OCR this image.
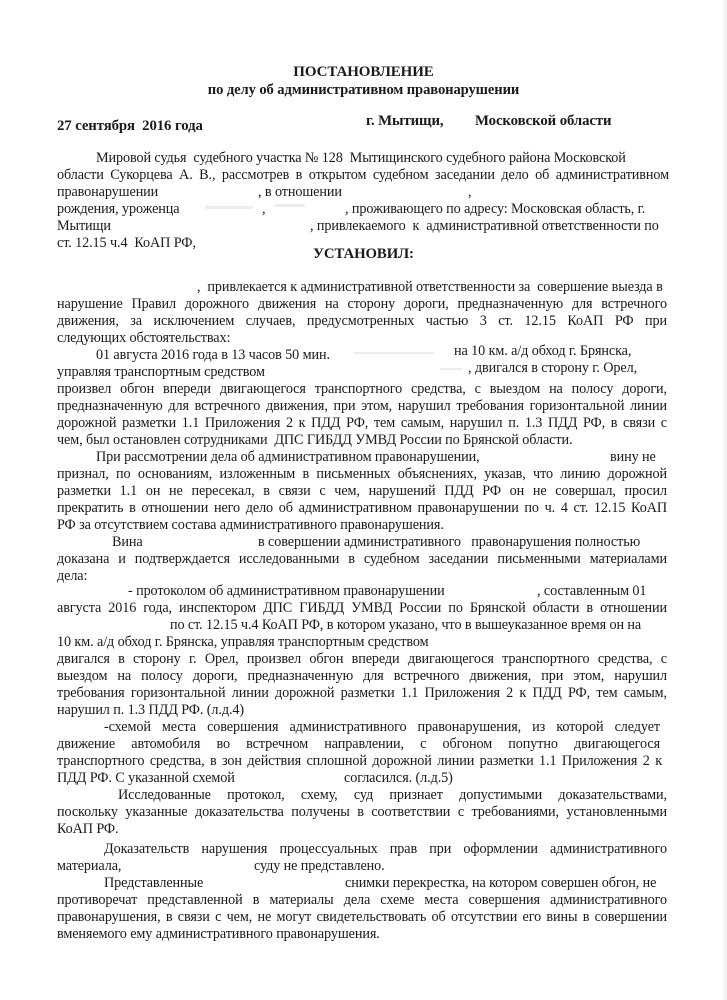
ПОСТАНОВЛЕНИЕ
по делу об административном правонарушении
27 сентября  2016 года	г. Мытищи, Московской области
Мировой судья  судебного участка № 128  Мытищинского судебного района Московской
области Сукорцева А. В., рассмотрев в открытом судебном заседании дело об административном
правонарушении	, в отношении	,
рождения, уроженца	,	, проживающего по адресу: Московская область, г.
Мытищи	, привлекаемого  к  административной ответственности по
ст. 12.15 ч.4  КоАП РФ,
УСТАНОВИЛ:
,  привлекается к административной ответственности за  совершение выезда в
нарушение Правил дорожного движения на сторону дороги, предназначенную для встречного
движения, за исключением случаев, предусмотренных частью 3 ст. 12.15 КоАП РФ при
следующих обстоятельствах:
01 августа 2016 года в 13 часов 50 мин.	на 10 км. а/д обход г. Брянска,
управляя транспортным средством	, двигался в сторону г. Орел,
произвел обгон впереди двигающегося транспортного средства, с выездом на полосу дороги,
предназначенную для встречного движения, при этом, нарушил требования горизонтальной линии
дорожной разметки 1.1 Приложения 2 к ПДД РФ, тем самым, нарушил п. 1.3 ПДД РФ, в связи с
чем, был остановлен сотрудниками  ДПС ГИБДД УМВД России по Брянской области.
При рассмотрении дела об административном правонарушении,	вину не
признал, по основаниям, изложенным в письменных объяснениях, указав, что линию дорожной
разметки 1.1 он не пересекал, в связи с чем, нарушений ПДД РФ он не совершал, просил
прекратить в отношении него дело об административном правонарушении по ч. 4 ст. 12.15 КоАП
РФ за отсутствием состава административного правонарушения.
Вина	в совершении административного   правонарушения полностью
доказана и подтверждается исследованными в судебном заседании письменными материалами
дела:
- протоколом об административном правонарушении	, составленным 01
августа 2016 года, инспектором ДПС ГИБДД УМВД России по Брянской области в отношении
по ст. 12.15 ч.4 КоАП РФ, в котором указано, что в вышеуказанное время он на
10 км. а/д обход г. Брянска, управляя транспортным средством
двигался в сторону г. Орел, произвел обгон впереди двигающегося транспортного средства, с
выездом на полосу дороги, предназначенную для встречного движения, при этом, нарушил
требования горизонтальной линии дорожной разметки 1.1 Приложения 2 к ПДД РФ, тем самым,
нарушил п. 1.3 ПДД РФ. (л.д.4)
-схемой места совершения административного правонарушения, из которой следует
движение автомобиля во встречном направлении, с обгоном попутно двигающегося
транспортного средства, в зон действия сплошной дорожной линии разметки 1.1 Приложения 2 к
ПДД РФ. С указанной схемой	согласился. (л.д.5)
Исследованные протокол, схему, суд признает допустимыми доказательствами,
поскольку указанные доказательства получены в соответствии с требованиями, установленными
КоАП РФ.
Доказательств нарушения процессуальных прав при оформлении административного
материала,	суду не представлено.
Представленные	снимки перекрестка, на котором совершен обгон, не
противоречат представленной в материалы дела схеме места совершения административного
правонарушения, в связи с чем, не могут свидетельствовать об отсутствии его вины в совершении
вменяемого ему административного правонарушения.
